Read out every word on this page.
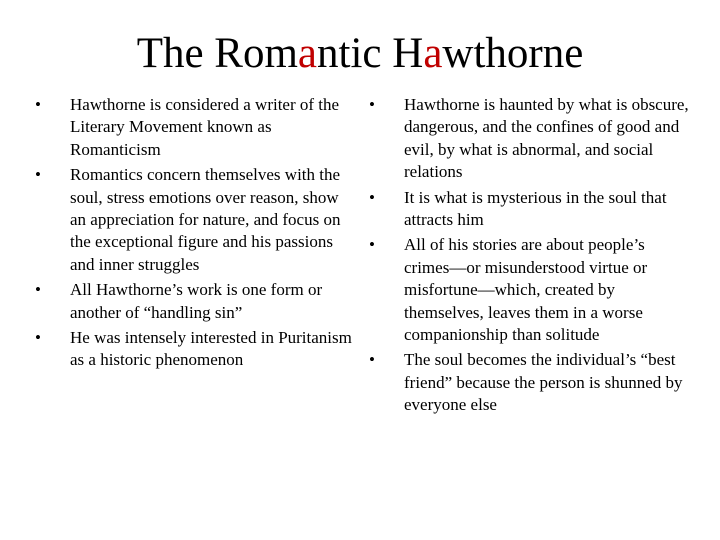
The Romantic Hawthorne
•	Hawthorne is considered a writer of the Literary Movement known as Romanticism
•	Romantics concern themselves with the soul, stress emotions over reason, show an appreciation for nature, and focus on the exceptional figure and his passions and inner struggles
•	All Hawthorne’s work is one form or another of “handling sin”
•	He was intensely interested in Puritanism as a historic phenomenon
•	Hawthorne is haunted by what is obscure, dangerous, and the confines of good and evil, by what is abnormal, and social relations
•	It is what is mysterious in the soul that attracts him
•	All of his stories are about people’s crimes—or misunderstood virtue or misfortune—which, created by themselves, leaves them in a worse companionship than solitude
•	The soul becomes the individual’s “best friend” because the person is shunned by everyone else
